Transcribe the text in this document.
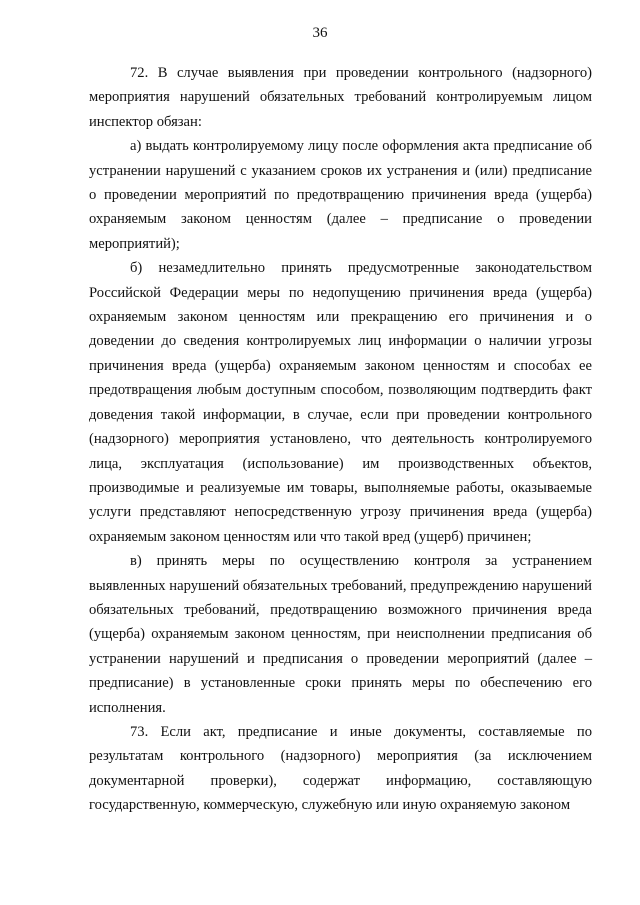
36

72. В случае выявления при проведении контрольного (надзорного) мероприятия нарушений обязательных требований контролируемым лицом инспектор обязан:

а) выдать контролируемому лицу после оформления акта предписание об устранении нарушений с указанием сроков их устранения и (или) предписание о проведении мероприятий по предотвращению причинения вреда (ущерба) охраняемым законом ценностям (далее – предписание о проведении мероприятий);

б) незамедлительно принять предусмотренные законодательством Российской Федерации меры по недопущению причинения вреда (ущерба) охраняемым законом ценностям или прекращению его причинения и о доведении до сведения контролируемых лиц информации о наличии угрозы причинения вреда (ущерба) охраняемым законом ценностям и способах ее предотвращения любым доступным способом, позволяющим подтвердить факт доведения такой информации, в случае, если при проведении контрольного (надзорного) мероприятия установлено, что деятельность контролируемого лица, эксплуатация (использование) им производственных объектов, производимые и реализуемые им товары, выполняемые работы, оказываемые услуги представляют непосредственную угрозу причинения вреда (ущерба) охраняемым законом ценностям или что такой вред (ущерб) причинен;

в) принять меры по осуществлению контроля за устранением выявленных нарушений обязательных требований, предупреждению нарушений обязательных требований, предотвращению возможного причинения вреда (ущерба) охраняемым законом ценностям, при неисполнении предписания об устранении нарушений и предписания о проведении мероприятий (далее – предписание) в установленные сроки принять меры по обеспечению его исполнения.

73. Если акт, предписание и иные документы, составляемые по результатам контрольного (надзорного) мероприятия (за исключением документарной проверки), содержат информацию, составляющую государственную, коммерческую, служебную или иную охраняемую законом
